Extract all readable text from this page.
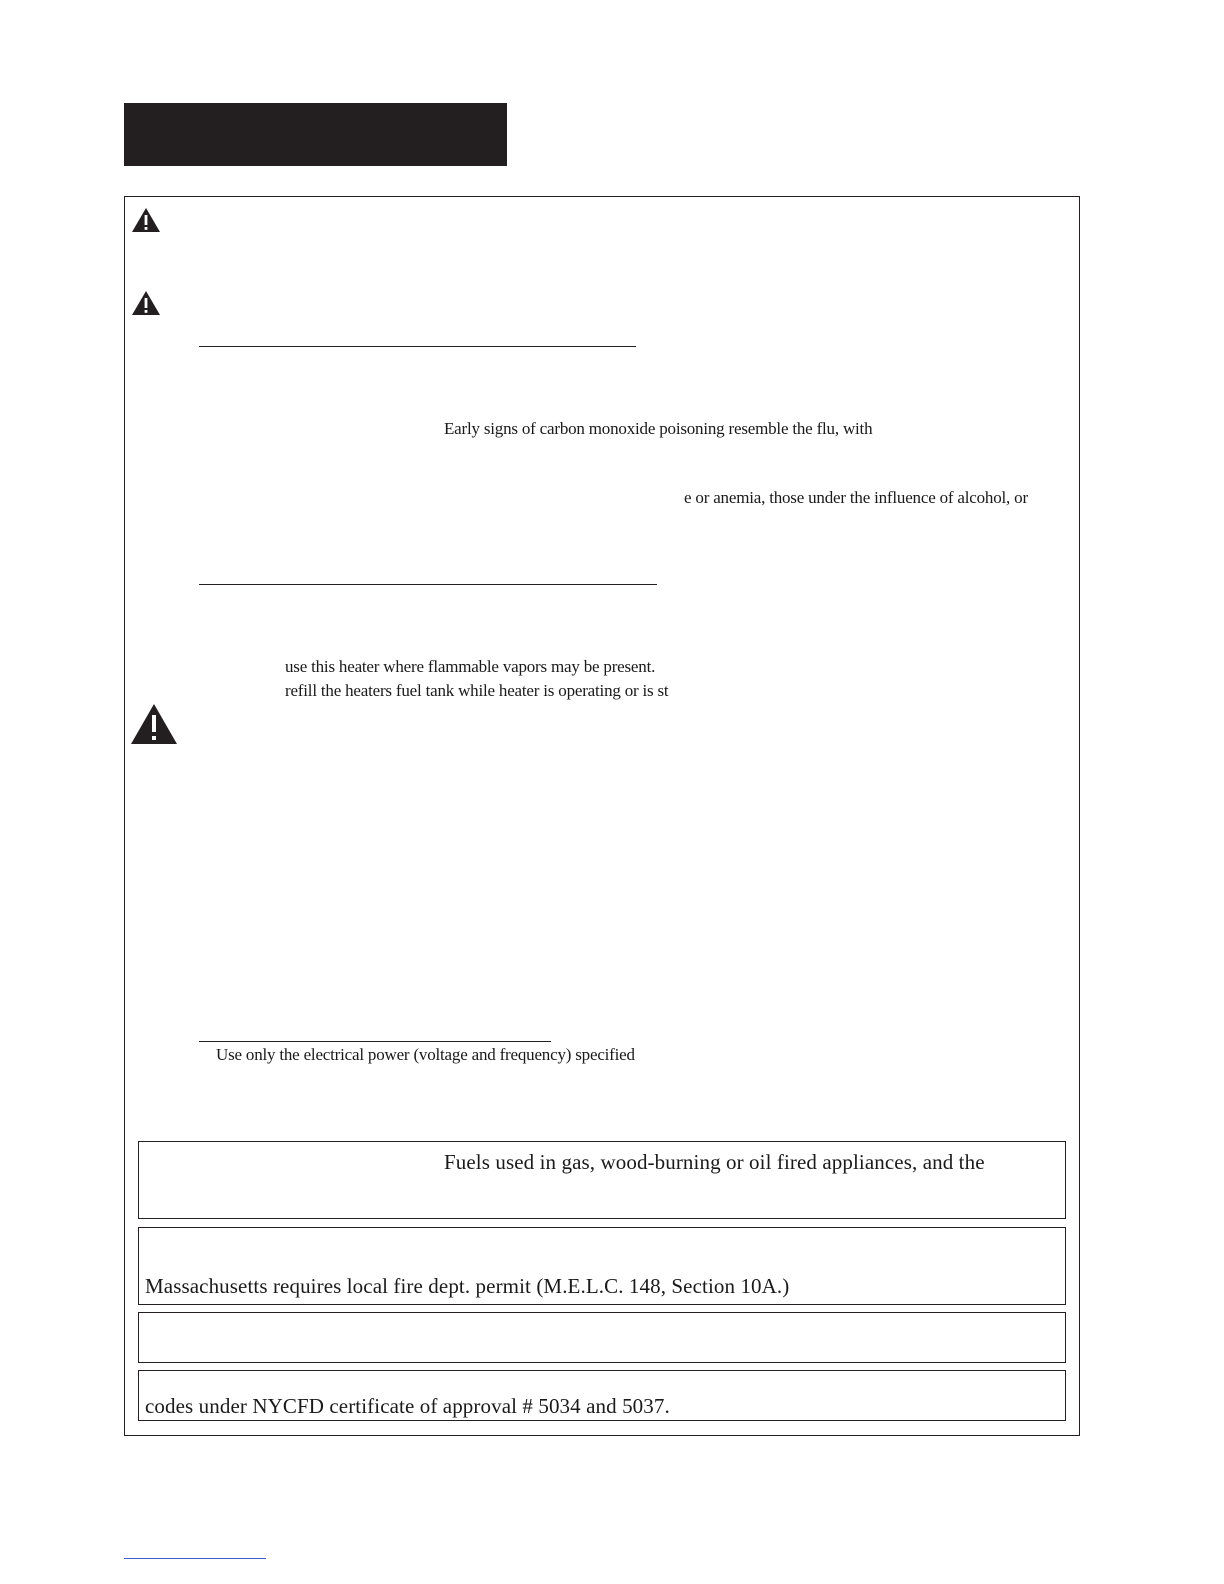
Early signs of carbon monoxide poisoning resemble the flu, with
e or anemia, those under the influence of alcohol, or
use this heater where flammable vapors may be present.
refill the heaters fuel tank while heater is operating or is st
Use only the electrical power (voltage and frequency) specified
Fuels used in gas, wood-burning or oil fired appliances, and the
Massachusetts requires local fire dept. permit (M.E.L.C. 148, Section 10A.)
codes under NYCFD certificate of approval # 5034 and 5037.
